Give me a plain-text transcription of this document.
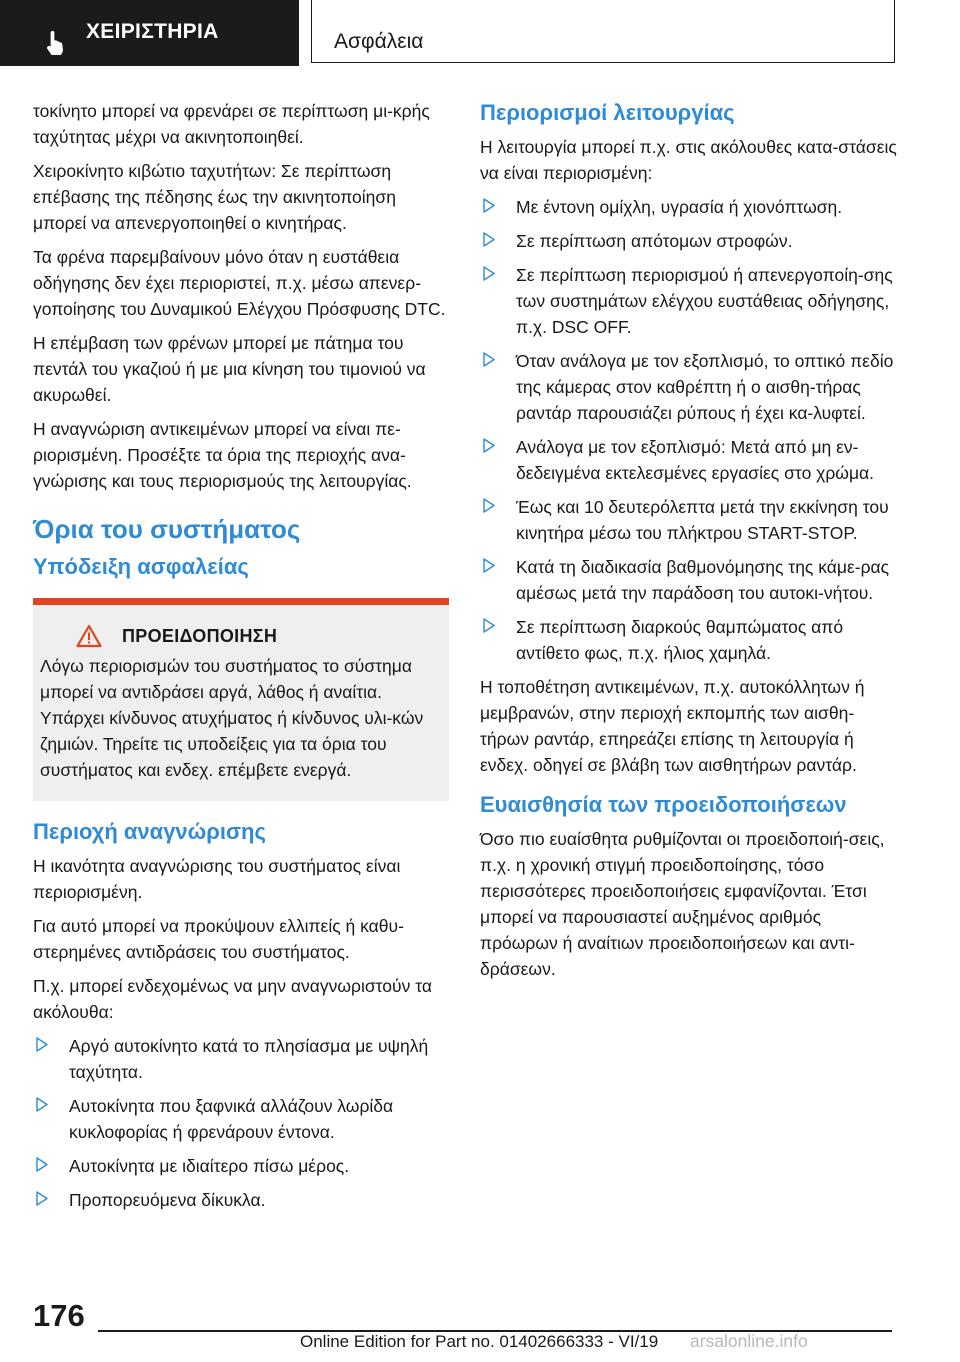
ΧΕΙΡΙΣΤΗΡΙΑ	Ασφάλεια

τοκίνητο μπορεί να φρενάρει σε περίπτωση μι-κρής ταχύτητας μέχρι να ακινητοποιηθεί.

Χειροκίνητο κιβώτιο ταχυτήτων: Σε περίπτωση επέβασης της πέδησης έως την ακινητοποίηση μπορεί να απενεργοποιηθεί ο κινητήρας.

Τα φρένα παρεμβαίνουν μόνο όταν η ευστάθεια οδήγησης δεν έχει περιοριστεί, π.χ. μέσω απενερ-γοποίησης του Δυναμικού Ελέγχου Πρόσφυσης DTC.

Η επέμβαση των φρένων μπορεί με πάτημα του πεντάλ του γκαζιού ή με μια κίνηση του τιμονιού να ακυρωθεί.

Η αναγνώριση αντικειμένων μπορεί να είναι πε-ριορισμένη. Προσέξτε τα όρια της περιοχής ανα-γνώρισης και τους περιορισμούς της λειτουργίας.

Όρια του συστήματος
Υπόδειξη ασφαλείας
ΠΡΟΕΙΔΟΠΟΙΗΣΗ
Λόγω περιορισμών του συστήματος το σύστημα μπορεί να αντιδράσει αργά, λάθος ή αναίτια. Υπάρχει κίνδυνος ατυχήματος ή κίνδυνος υλι-κών ζημιών. Τηρείτε τις υποδείξεις για τα όρια του συστήματος και ενδεχ. επέμβετε ενεργά.
Περιοχή αναγνώρισης

Η ικανότητα αναγνώρισης του συστήματος είναι περιορισμένη.

Για αυτό μπορεί να προκύψουν ελλιπείς ή καθυ-στερημένες αντιδράσεις του συστήματος.

Π.χ. μπορεί ενδεχομένως να μην αναγνωριστούν τα ακόλουθα:

Αργό αυτοκίνητο κατά το πλησίασμα με υψηλή ταχύτητα.
Αυτοκίνητα που ξαφνικά αλλάζουν λωρίδα κυκλοφορίας ή φρενάρουν έντονα.
Αυτοκίνητα με ιδιαίτερο πίσω μέρος.
Προπορευόμενα δίκυκλα.
Περιορισμοί λειτουργίας

Η λειτουργία μπορεί π.χ. στις ακόλουθες κατα-στάσεις να είναι περιορισμένη:

Με έντονη ομίχλη, υγρασία ή χιονόπτωση.
Σε περίπτωση απότομων στροφών.
Σε περίπτωση περιορισμού ή απενεργοποίη-σης των συστημάτων ελέγχου ευστάθειας οδήγησης, π.χ. DSC OFF.
Όταν ανάλογα με τον εξοπλισμό, το οπτικό πεδίο της κάμερας στον καθρέπτη ή ο αισθη-τήρας ραντάρ παρουσιάζει ρύπους ή έχει κα-λυφτεί.
Ανάλογα με τον εξοπλισμό: Μετά από μη εν-δεδειγμένα εκτελεσμένες εργασίες στο χρώμα.
Έως και 10 δευτερόλεπτα μετά την εκκίνηση του κινητήρα μέσω του πλήκτρου START-STOP.
Κατά τη διαδικασία βαθμονόμησης της κάμε-ρας αμέσως μετά την παράδοση του αυτοκι-νήτου.
Σε περίπτωση διαρκούς θαμπώματος από αντίθετο φως, π.χ. ήλιος χαμηλά.

Η τοποθέτηση αντικειμένων, π.χ. αυτοκόλλητων ή μεμβρανών, στην περιοχή εκπομπής των αισθη-τήρων ραντάρ, επηρεάζει επίσης τη λειτουργία ή ενδεχ. οδηγεί σε βλάβη των αισθητήρων ραντάρ.

Ευαισθησία των προειδοποιήσεων

Όσο πιο ευαίσθητα ρυθμίζονται οι προειδοποιή-σεις, π.χ. η χρονική στιγμή προειδοποίησης, τόσο περισσότερες προειδοποιήσεις εμφανίζονται. Έτσι μπορεί να παρουσιαστεί αυξημένος αριθμός πρόωρων ή αναίτιων προειδοποιήσεων και αντι-δράσεων.

176
Online Edition for Part no. 01402666333 - VI/19 arsalonline.info
